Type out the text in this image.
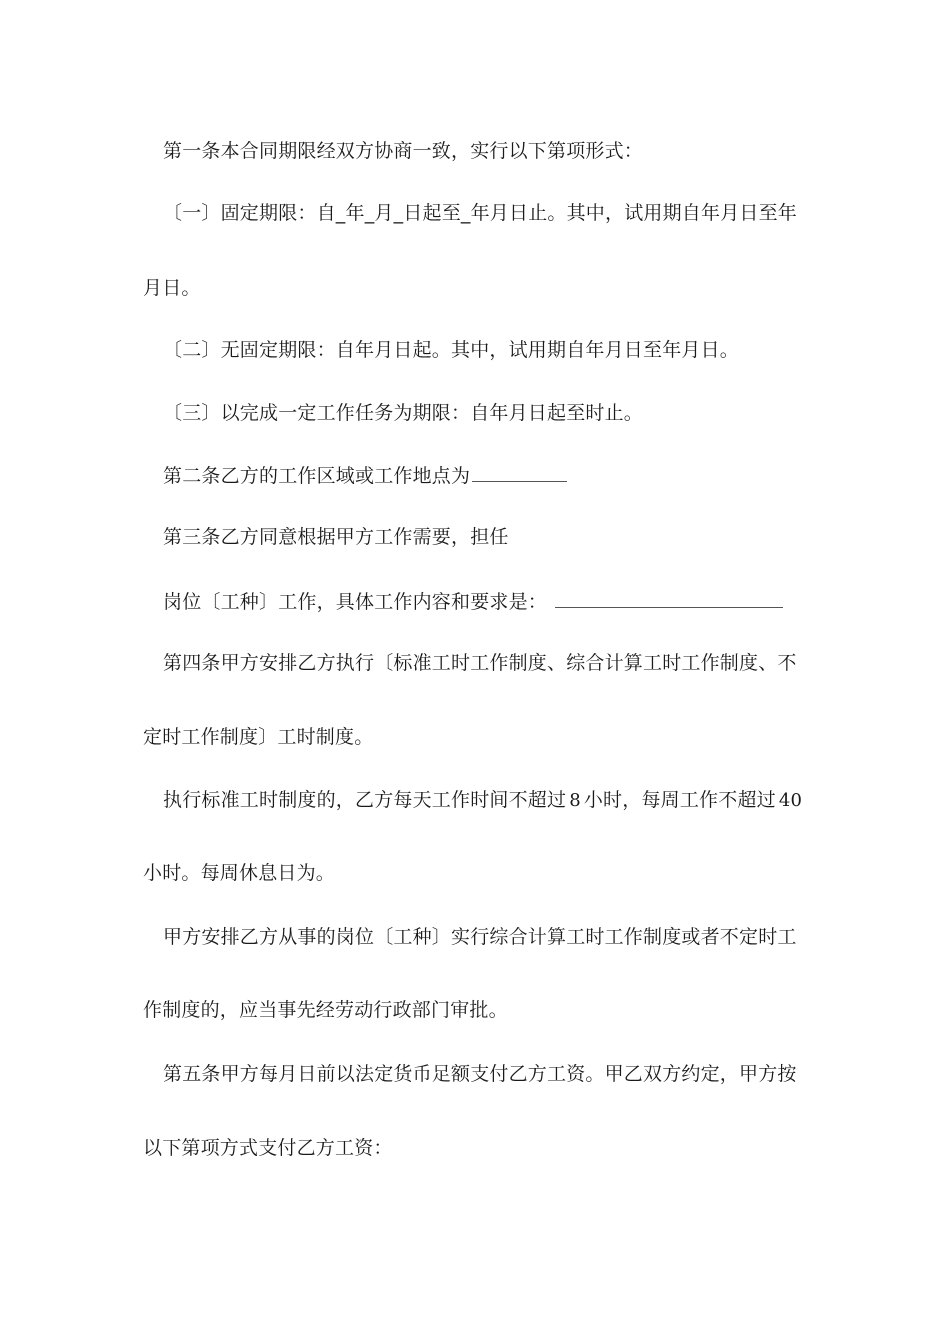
第一条本合同期限经双方协商一致，实行以下第项形式：
〔一〕固定期限：自_年_月_日起至_年月日止。其中，试用期自年月日至年
月日。
〔二〕无固定期限：自年月日起。其中，试用期自年月日至年月日。
〔三〕以完成一定工作任务为期限：自年月日起至时止。
第二条乙方的工作区域或工作地点为
第三条乙方同意根据甲方工作需要，担任
岗位〔工种〕工作，具体工作内容和要求是：
第四条甲方安排乙方执行〔标准工时工作制度、综合计算工时工作制度、不
定时工作制度〕工时制度。
执行标准工时制度的，乙方每天工作时间不超过 8 小时，每周工作不超过 40
小时。每周休息日为。
甲方安排乙方从事的岗位〔工种〕实行综合计算工时工作制度或者不定时工
作制度的，应当事先经劳动行政部门审批。
第五条甲方每月日前以法定货币足额支付乙方工资。甲乙双方约定，甲方按
以下第项方式支付乙方工资：
